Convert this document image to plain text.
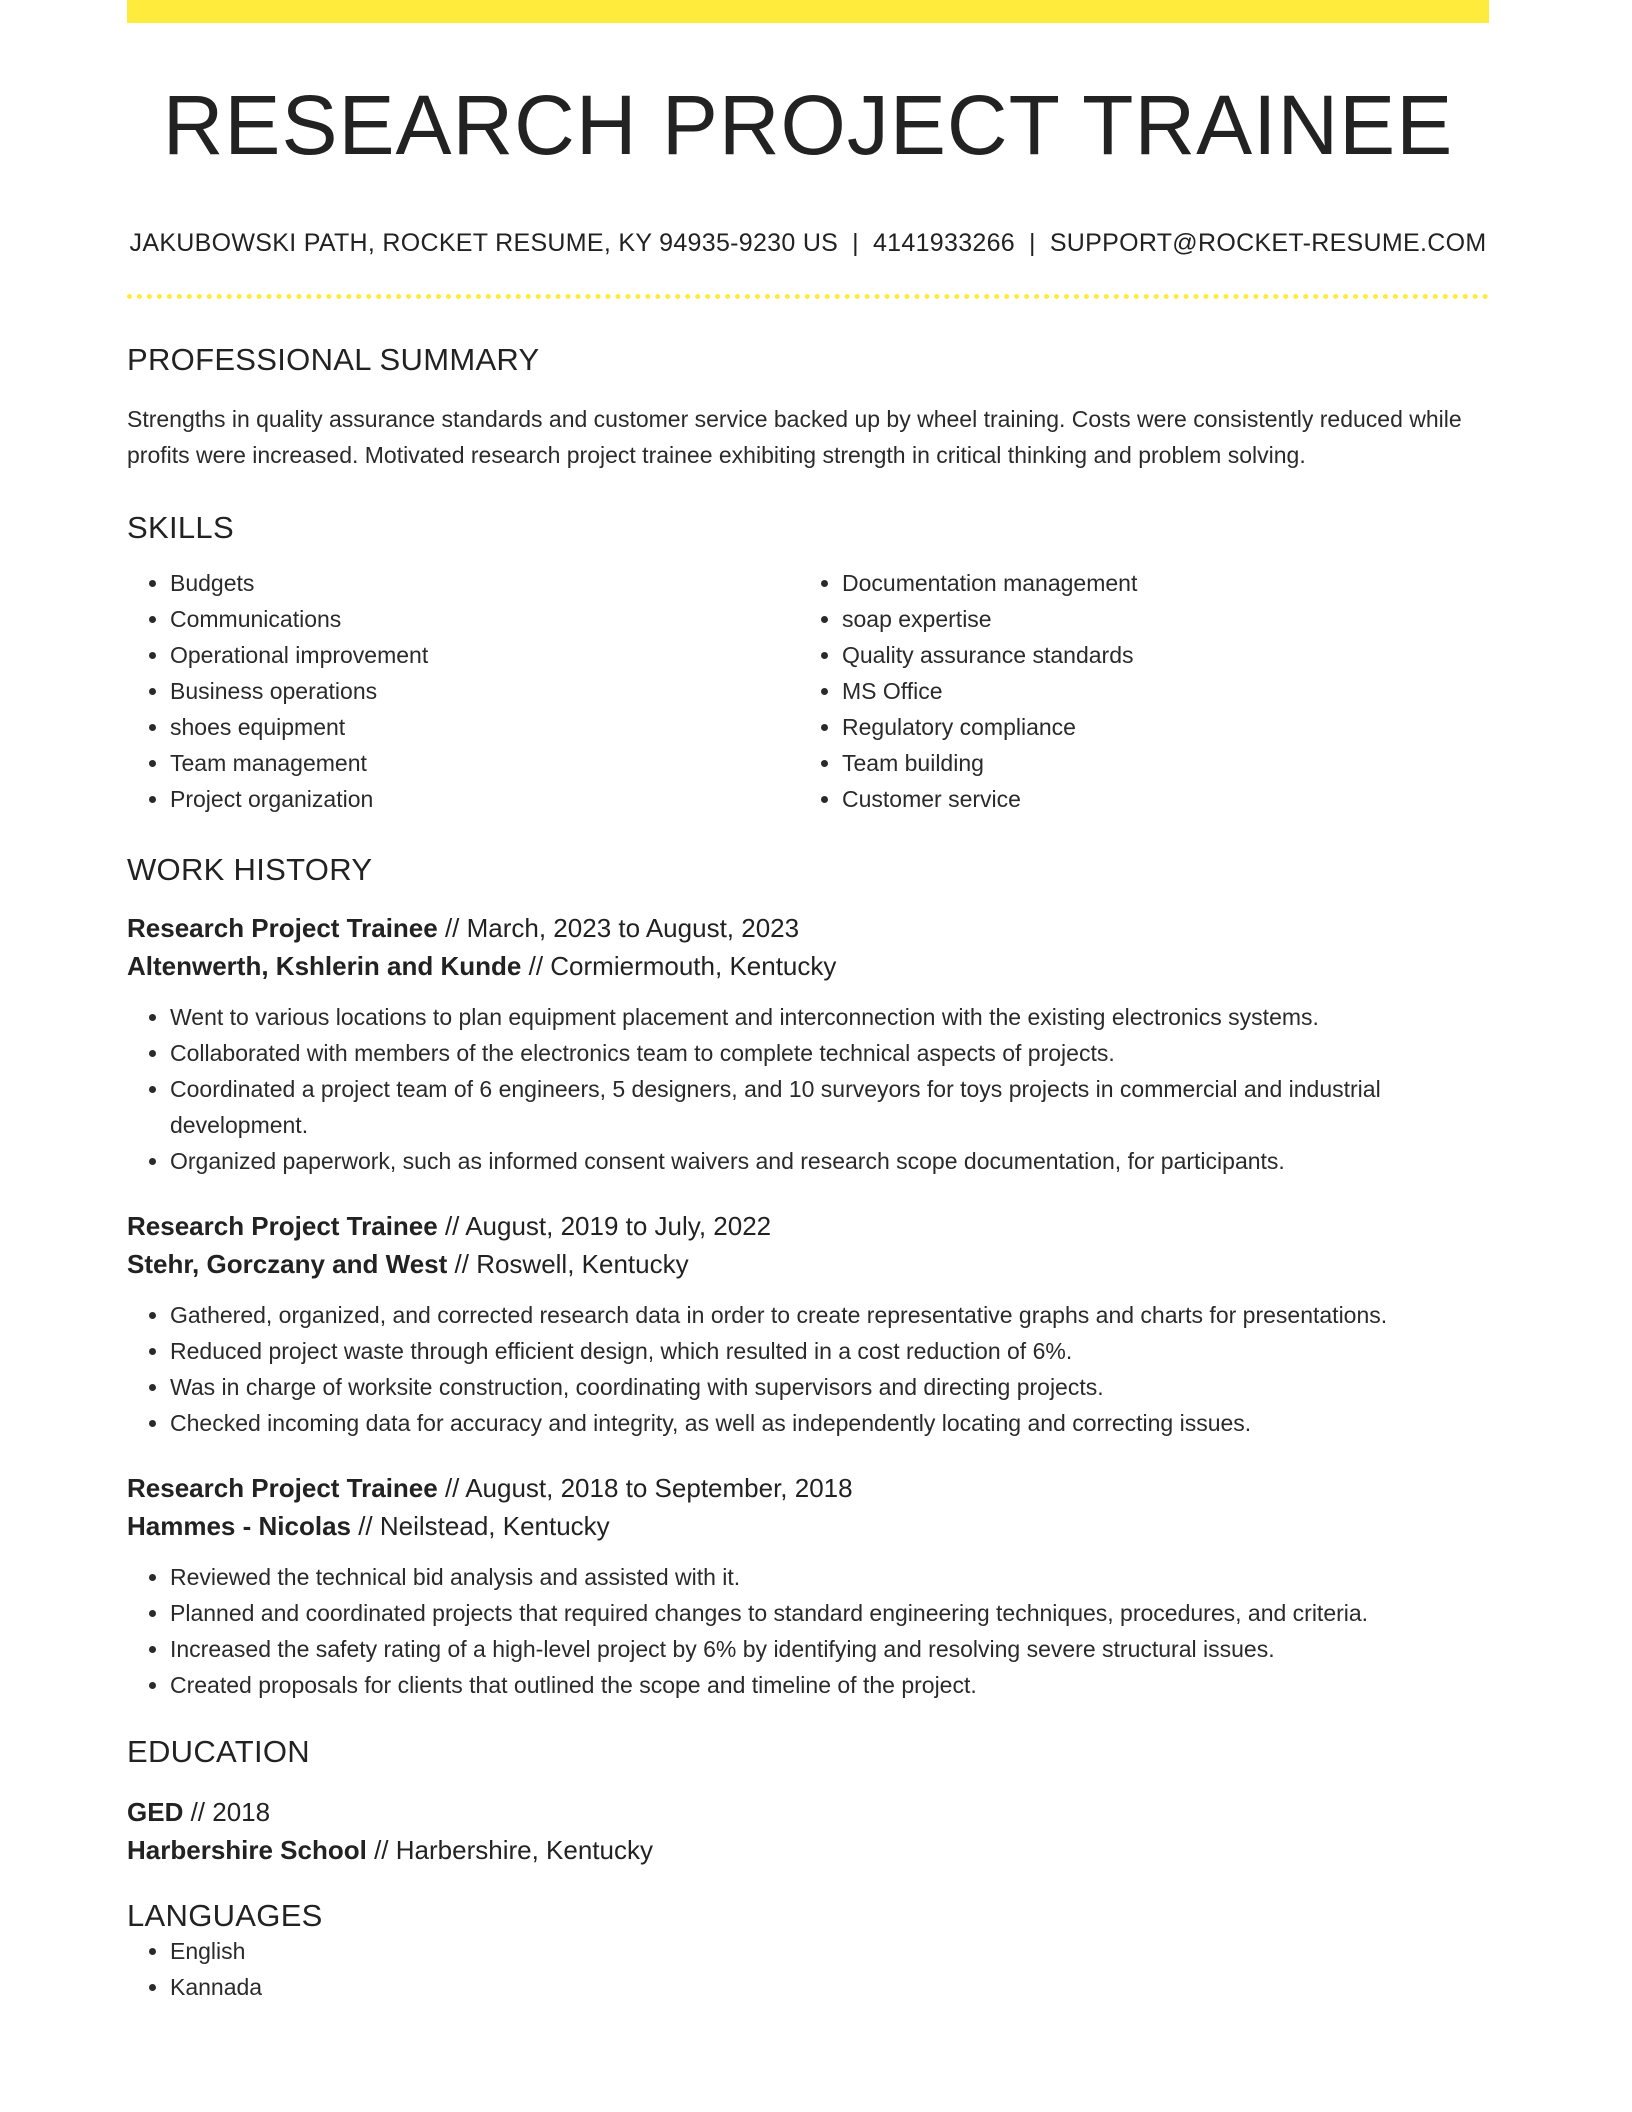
RESEARCH PROJECT TRAINEE
JAKUBOWSKI PATH, ROCKET RESUME, KY 94935-9230 US | 4141933266 | SUPPORT@ROCKET-RESUME.COM
PROFESSIONAL SUMMARY
Strengths in quality assurance standards and customer service backed up by wheel training. Costs were consistently reduced while profits were increased. Motivated research project trainee exhibiting strength in critical thinking and problem solving.
SKILLS
• Budgets
• Communications
• Operational improvement
• Business operations
• shoes equipment
• Team management
• Project organization
• Documentation management
• soap expertise
• Quality assurance standards
• MS Office
• Regulatory compliance
• Team building
• Customer service
WORK HISTORY
Research Project Trainee // March, 2023 to August, 2023
Altenwerth, Kshlerin and Kunde // Cormiermouth, Kentucky
• Went to various locations to plan equipment placement and interconnection with the existing electronics systems.
• Collaborated with members of the electronics team to complete technical aspects of projects.
• Coordinated a project team of 6 engineers, 5 designers, and 10 surveyors for toys projects in commercial and industrial development.
• Organized paperwork, such as informed consent waivers and research scope documentation, for participants.
Research Project Trainee // August, 2019 to July, 2022
Stehr, Gorczany and West // Roswell, Kentucky
• Gathered, organized, and corrected research data in order to create representative graphs and charts for presentations.
• Reduced project waste through efficient design, which resulted in a cost reduction of 6%.
• Was in charge of worksite construction, coordinating with supervisors and directing projects.
• Checked incoming data for accuracy and integrity, as well as independently locating and correcting issues.
Research Project Trainee // August, 2018 to September, 2018
Hammes - Nicolas // Neilstead, Kentucky
• Reviewed the technical bid analysis and assisted with it.
• Planned and coordinated projects that required changes to standard engineering techniques, procedures, and criteria.
• Increased the safety rating of a high-level project by 6% by identifying and resolving severe structural issues.
• Created proposals for clients that outlined the scope and timeline of the project.
EDUCATION
GED // 2018
Harbershire School // Harbershire, Kentucky
LANGUAGES
• English
• Kannada
